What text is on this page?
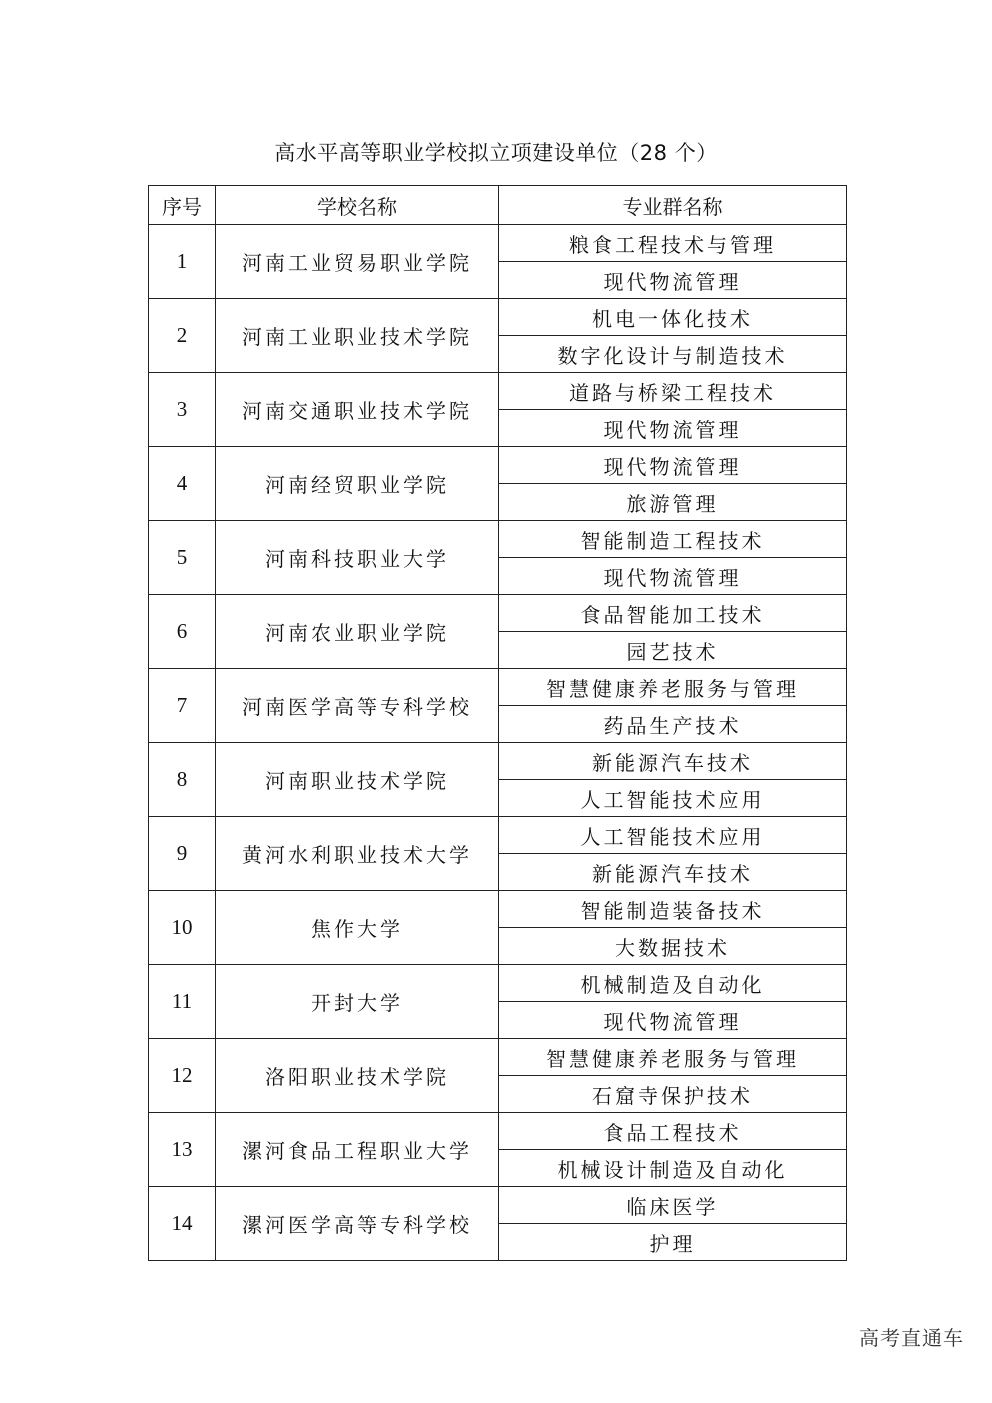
高水平高等职业学校拟立项建设单位（28 个）
序号	学校名称	专业群名称
1	河南工业贸易职业学院	粮食工程技术与管理
		现代物流管理
2	河南工业职业技术学院	机电一体化技术
		数字化设计与制造技术
3	河南交通职业技术学院	道路与桥梁工程技术
		现代物流管理
4	河南经贸职业学院	现代物流管理
		旅游管理
5	河南科技职业大学	智能制造工程技术
		现代物流管理
6	河南农业职业学院	食品智能加工技术
		园艺技术
7	河南医学高等专科学校	智慧健康养老服务与管理
		药品生产技术
8	河南职业技术学院	新能源汽车技术
		人工智能技术应用
9	黄河水利职业技术大学	人工智能技术应用
		新能源汽车技术
10	焦作大学	智能制造装备技术
		大数据技术
11	开封大学	机械制造及自动化
		现代物流管理
12	洛阳职业技术学院	智慧健康养老服务与管理
		石窟寺保护技术
13	漯河食品工程职业大学	食品工程技术
		机械设计制造及自动化
14	漯河医学高等专科学校	临床医学
		护理
高考直通车
